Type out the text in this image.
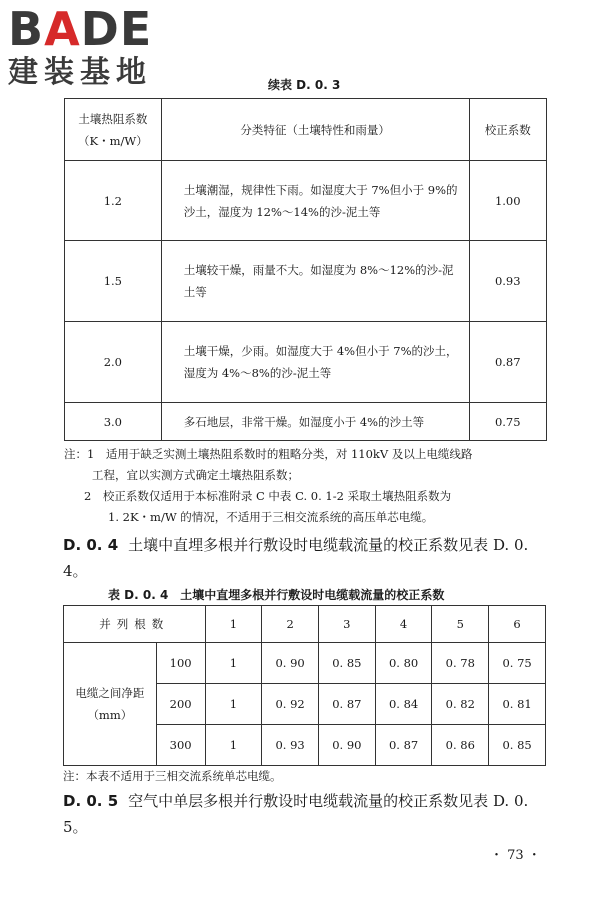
BADE
建装基地	续表 D. 0. 3
土壤热阻系数
（K・m/W）	分类特征（土壤特性和雨量）	校正系数
1.2	土壤潮湿，规律性下雨。如湿度大于 7%但小于 9%的沙土，湿度为 12%～14%的沙-泥土等	1.00
1.5	土壤较干燥，雨量不大。如湿度为 8%～12%的沙-泥土等	0.93
2.0	土壤干燥，少雨。如湿度大于 4%但小于 7%的沙土，湿度为 4%～8%的沙-泥土等	0.87
3.0	多石地层，非常干燥。如湿度小于 4%的沙土等	0.75
注：1　适用于缺乏实测土壤热阻系数时的粗略分类，对 110kV 及以上电缆线路
工程，宜以实测方式确定土壤热阻系数；
2　校正系数仅适用于本标准附录 C 中表 C. 0. 1-2 采取土壤热阻系数为
1. 2K・m/W 的情况，不适用于三相交流系统的高压单芯电缆。
D. 0. 4 土壤中直埋多根并行敷设时电缆载流量的校正系数见表 D. 0. 4。
表 D. 0. 4　土壤中直埋多根并行敷设时电缆载流量的校正系数
并列根数		1	2	3	4	5	6

电缆之间净距
（mm）	100	1	0. 90	0. 85	0. 80	0. 78	0. 75
	200	1	0. 92	0. 87	0. 84	0. 82	0. 81
	300	1	0. 93	0. 90	0. 87	0. 86	0. 85
注：本表不适用于三相交流系统单芯电缆。
D. 0. 5 空气中单层多根并行敷设时电缆载流量的校正系数见表 D. 0. 5。
・ 73 ・
